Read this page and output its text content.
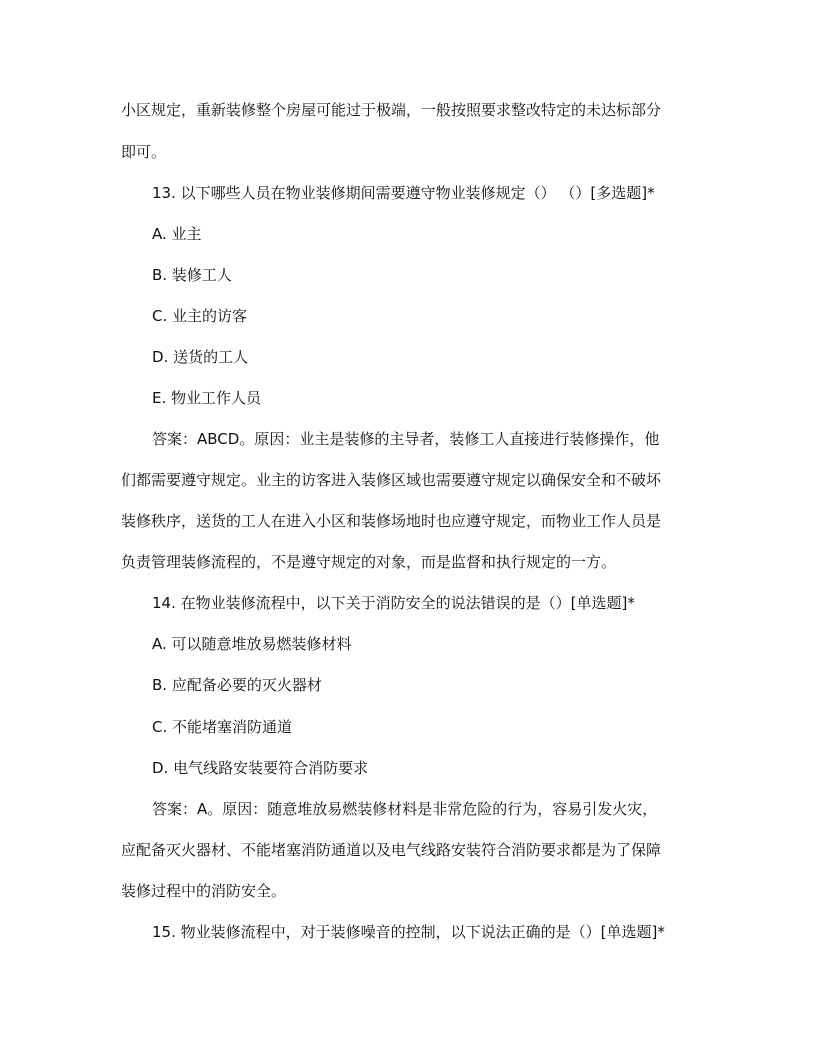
小区规定，重新装修整个房屋可能过于极端，一般按照要求整改特定的未达标部分
即可。
13. 以下哪些人员在物业装修期间需要遵守物业装修规定（） （）[多选题]*
A. 业主
B. 装修工人
C. 业主的访客
D. 送货的工人
E. 物业工作人员
答案：ABCD。原因：业主是装修的主导者，装修工人直接进行装修操作，他
们都需要遵守规定。业主的访客进入装修区域也需要遵守规定以确保安全和不破坏
装修秩序，送货的工人在进入小区和装修场地时也应遵守规定，而物业工作人员是
负责管理装修流程的，不是遵守规定的对象，而是监督和执行规定的一方。
14. 在物业装修流程中，以下关于消防安全的说法错误的是（）[单选题]*
A. 可以随意堆放易燃装修材料
B. 应配备必要的灭火器材
C. 不能堵塞消防通道
D. 电气线路安装要符合消防要求
答案：A。原因：随意堆放易燃装修材料是非常危险的行为，容易引发火灾，
应配备灭火器材、不能堵塞消防通道以及电气线路安装符合消防要求都是为了保障
装修过程中的消防安全。
15. 物业装修流程中，对于装修噪音的控制，以下说法正确的是（）[单选题]*
